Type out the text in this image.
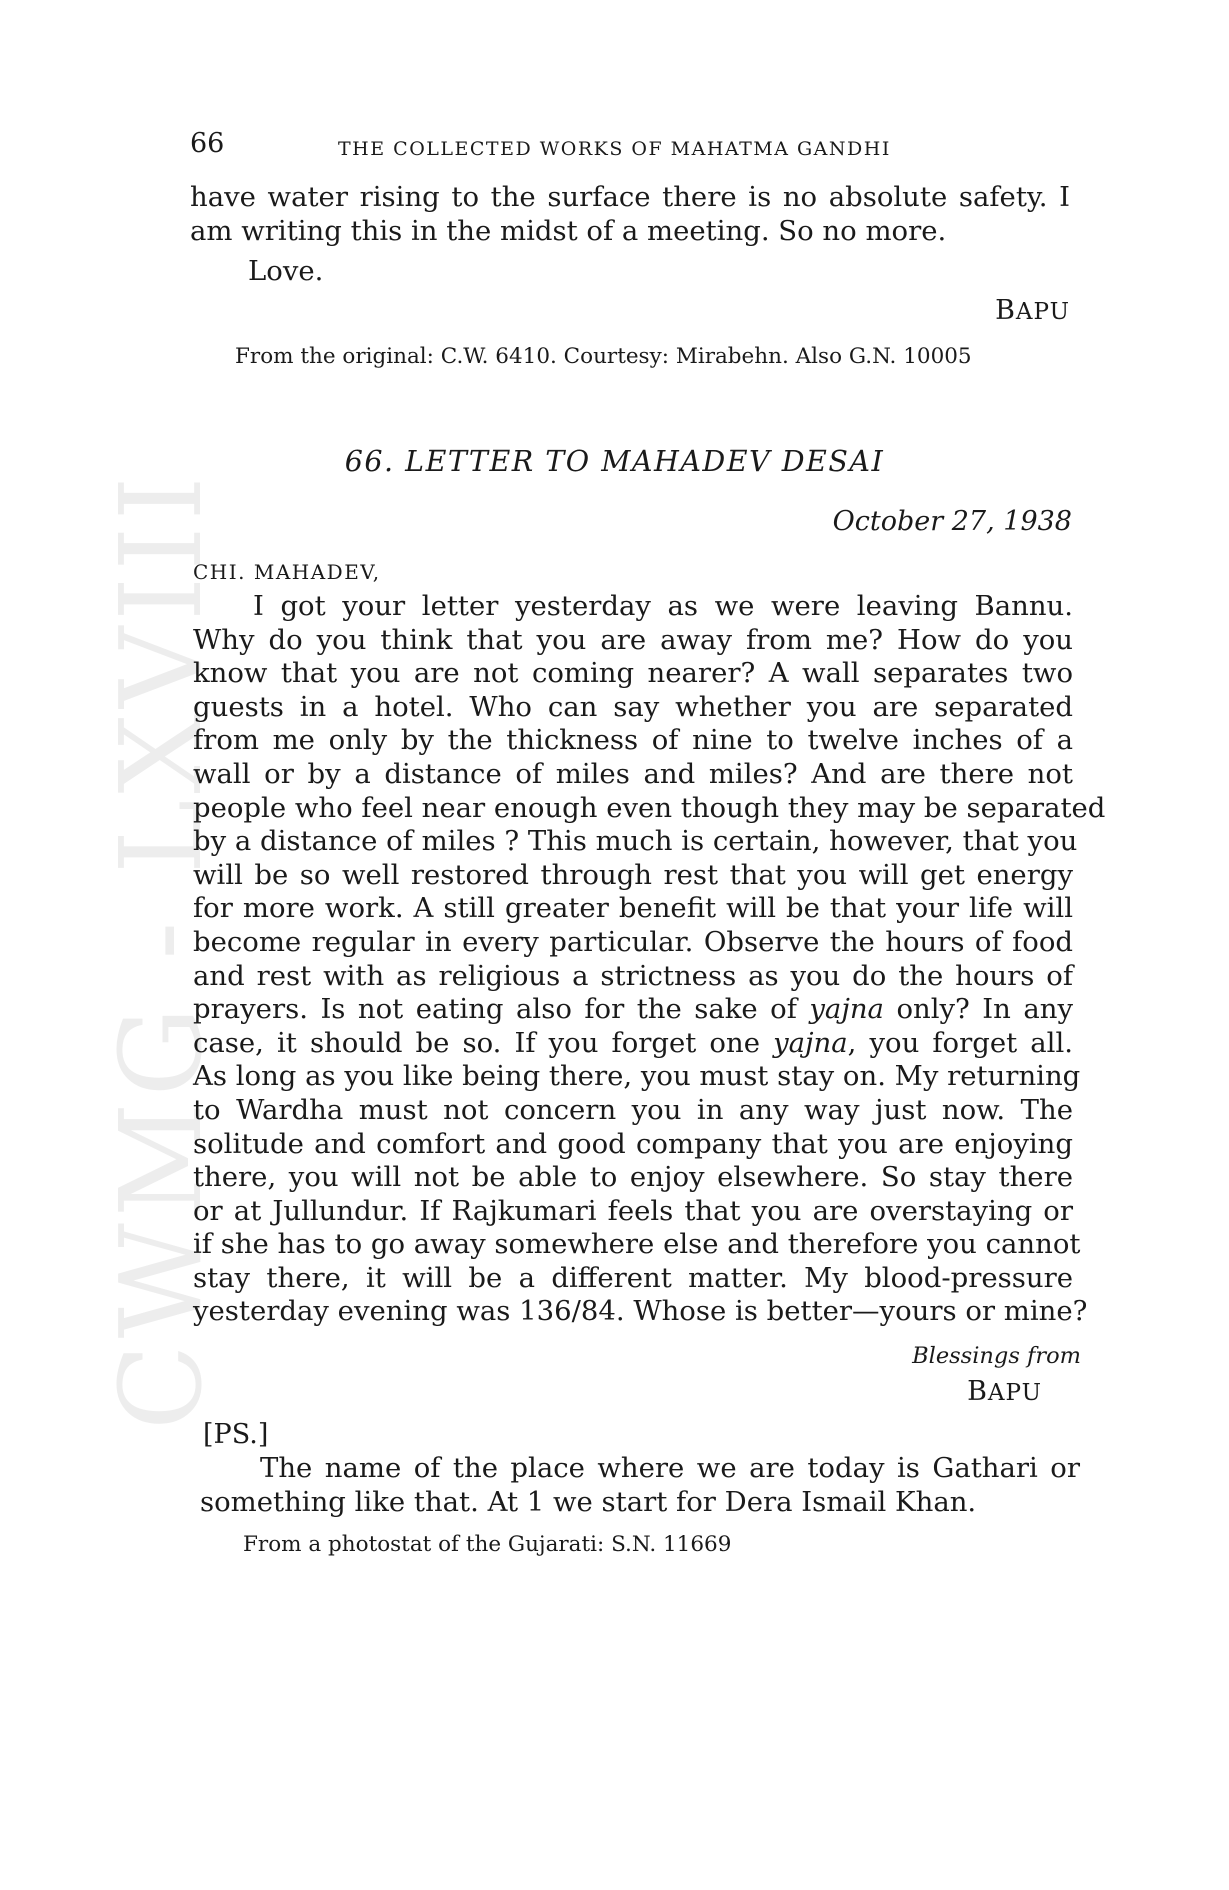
CWMG - LXVIII
66	THE COLLECTED WORKS OF MAHATMA GANDHI
have water rising to the surface there is no absolute safety. I
am writing this in the midst of a meeting. So no more.
Love.
BAPU
From the original: C.W. 6410. Courtesy: Mirabehn. Also G.N. 10005
66. LETTER TO MAHADEV DESAI
October 27, 1938
CHI. MAHADEV,
I got your letter yesterday as we were leaving Bannu.
Why do you think that you are away from me? How do you
know that you are not coming nearer? A wall separates two
guests in a hotel. Who can say whether you are separated
from me only by the thickness of nine to twelve inches of a
wall or by a distance of miles and miles? And are there not
people who feel near enough even though they may be separated
by a distance of miles ? This much is certain, however, that you
will be so well restored through rest that you will get energy
for more work. A still greater benefit will be that your life will
become regular in every particular. Observe the hours of food
and rest with as religious a strictness as you do the hours of
prayers. Is not eating also for the sake of yajna only? In any
case, it should be so. If you forget one yajna, you forget all.
As long as you like being there, you must stay on. My returning
to Wardha must not concern you in any way just now. The
solitude and comfort and good company that you are enjoying
there, you will not be able to enjoy elsewhere. So stay there
or at Jullundur. If Rajkumari feels that you are overstaying or
if she has to go away somewhere else and therefore you cannot
stay there, it will be a different matter. My blood-pressure
yesterday evening was 136/84. Whose is better—yours or mine?
Blessings from
BAPU
[PS.]
The name of the place where we are today is Gathari or
something like that. At 1 we start for Dera Ismail Khan.
From a photostat of the Gujarati: S.N. 11669
